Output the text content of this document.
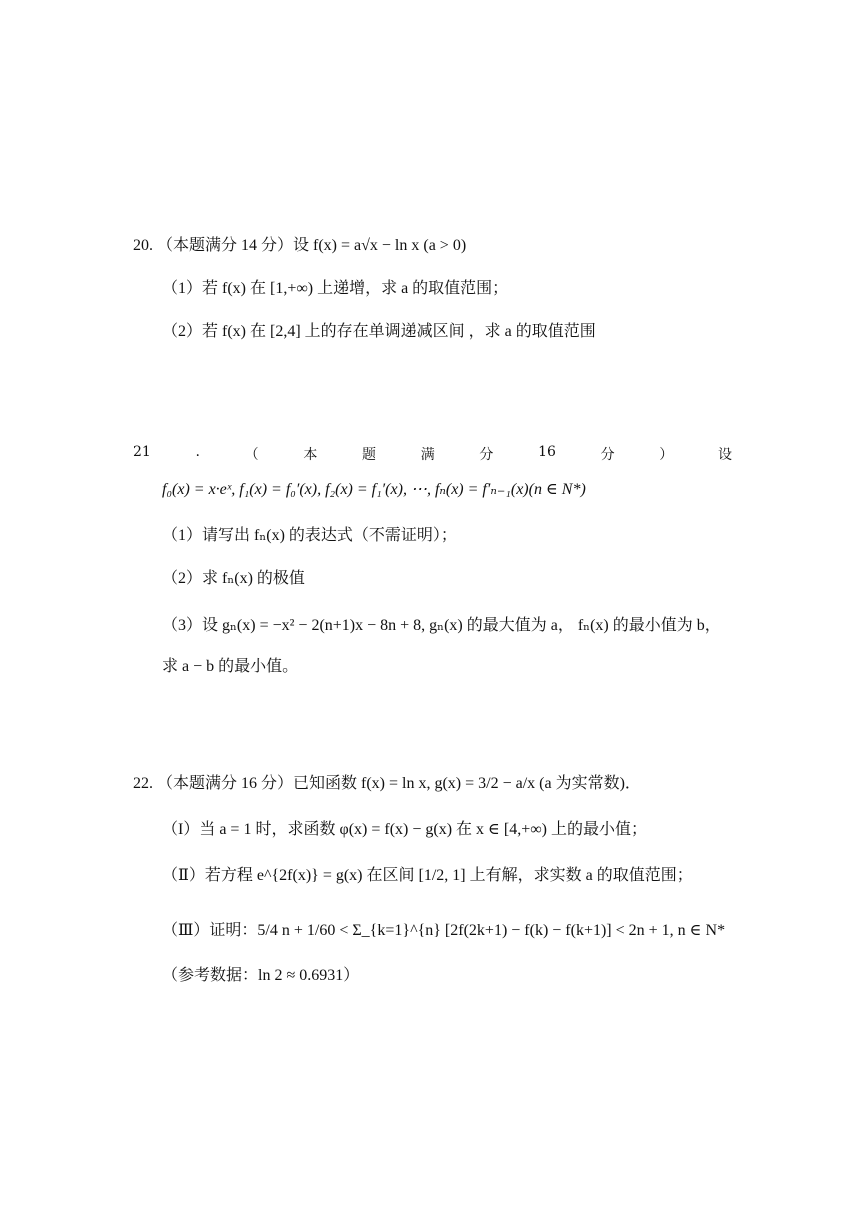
20. （本题满分 14 分）设 f(x) = a√x − ln x (a > 0)
（1）若 f(x) 在 [1,+∞) 上递增，求 a 的取值范围；
（2）若 f(x) 在 [2,4] 上的存在单调递减区间 ，求 a 的取值范围
21	.	（	本	题	满	分	16	分	）	设
f₀(x) = x·eˣ, f₁(x) = f₀′(x), f₂(x) = f₁′(x), ⋯, fₙ(x) = f′ₙ₋₁(x)(n ∈ N*)
（1）请写出 fₙ(x) 的表达式（不需证明）；
（2）求 fₙ(x) 的极值
（3）设 gₙ(x) = −x² − 2(n+1)x − 8n + 8, gₙ(x) 的最大值为 a， fₙ(x) 的最小值为 b，
求 a − b 的最小值。
22. （本题满分 16 分）已知函数 f(x) = ln x, g(x) = 3/2 − a/x (a 为实常数)．
（I）当 a = 1 时，求函数 φ(x) = f(x) − g(x) 在 x ∈ [4,+∞) 上的最小值；
（Ⅱ）若方程 e^{2f(x)} = g(x) 在区间 [1/2, 1] 上有解，求实数 a 的取值范围；
（Ⅲ）证明：5/4 n + 1/60 < Σ_{k=1}^{n} [2f(2k+1) − f(k) − f(k+1)] < 2n + 1, n ∈ N*
（参考数据：ln 2 ≈ 0.6931）
